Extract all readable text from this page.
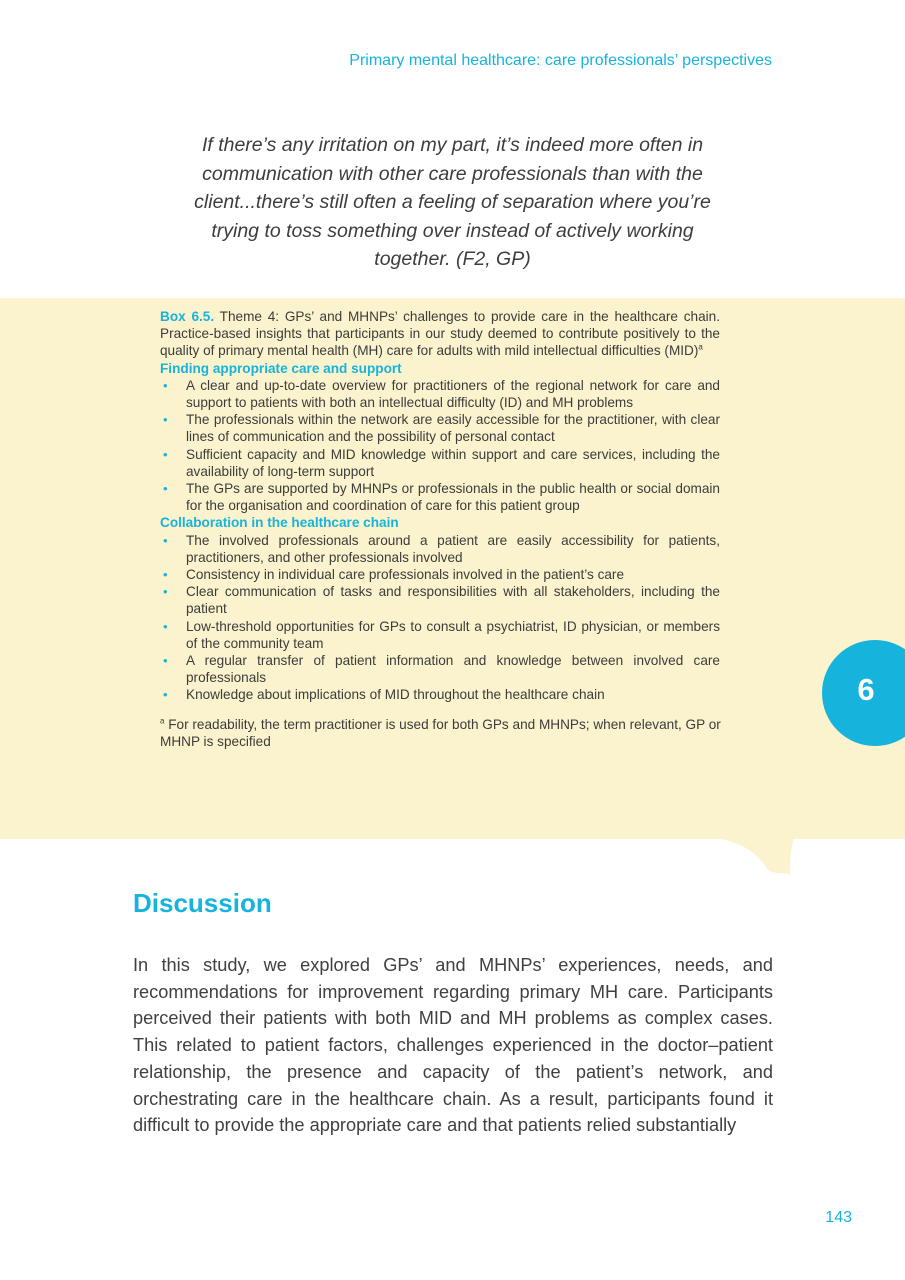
Primary mental healthcare: care professionals’ perspectives
If there’s any irritation on my part, it’s indeed more often in communication with other care professionals than with the client...there’s still often a feeling of separation where you’re trying to toss something over instead of actively working together. (F2, GP)

Box 6.5. Theme 4: GPs’ and MHNPs’ challenges to provide care in the healthcare chain. Practice-based insights that participants in our study deemed to contribute positively to the quality of primary mental health (MH) care for adults with mild intellectual difficulties (MID)$^a$

Finding appropriate care and support

• A clear and up-to-date overview for practitioners of the regional network for care and support to patients with both an intellectual difficulty (ID) and MH problems
• The professionals within the network are easily accessible for the practitioner, with clear lines of communication and the possibility of personal contact
• Sufficient capacity and MID knowledge within support and care services, including the availability of long-term support
• The GPs are supported by MHNPs or professionals in the public health or social domain for the organisation and coordination of care for this patient group

Collaboration in the healthcare chain

• The involved professionals around a patient are easily accessibility for patients, practitioners, and other professionals involved
• Consistency in individual care professionals involved in the patient’s care
• Clear communication of tasks and responsibilities with all stakeholders, including the patient
• Low-threshold opportunities for GPs to consult a psychiatrist, ID physician, or members of the community team
• A regular transfer of patient information and knowledge between involved care professionals
• Knowledge about implications of MID throughout the healthcare chain

$^a$ For readability, the term practitioner is used for both GPs and MHNPs; when relevant, GP or MHNP is specified

6
Discussion

In this study, we explored GPs’ and MHNPs’ experiences, needs, and recommendations for improvement regarding primary MH care. Participants perceived their patients with both MID and MH problems as complex cases. This related to patient factors, challenges experienced in the doctor–patient relationship, the presence and capacity of the patient’s network, and orchestrating care in the healthcare chain. As a result, participants found it difficult to provide the appropriate care and that patients relied substantially

143
